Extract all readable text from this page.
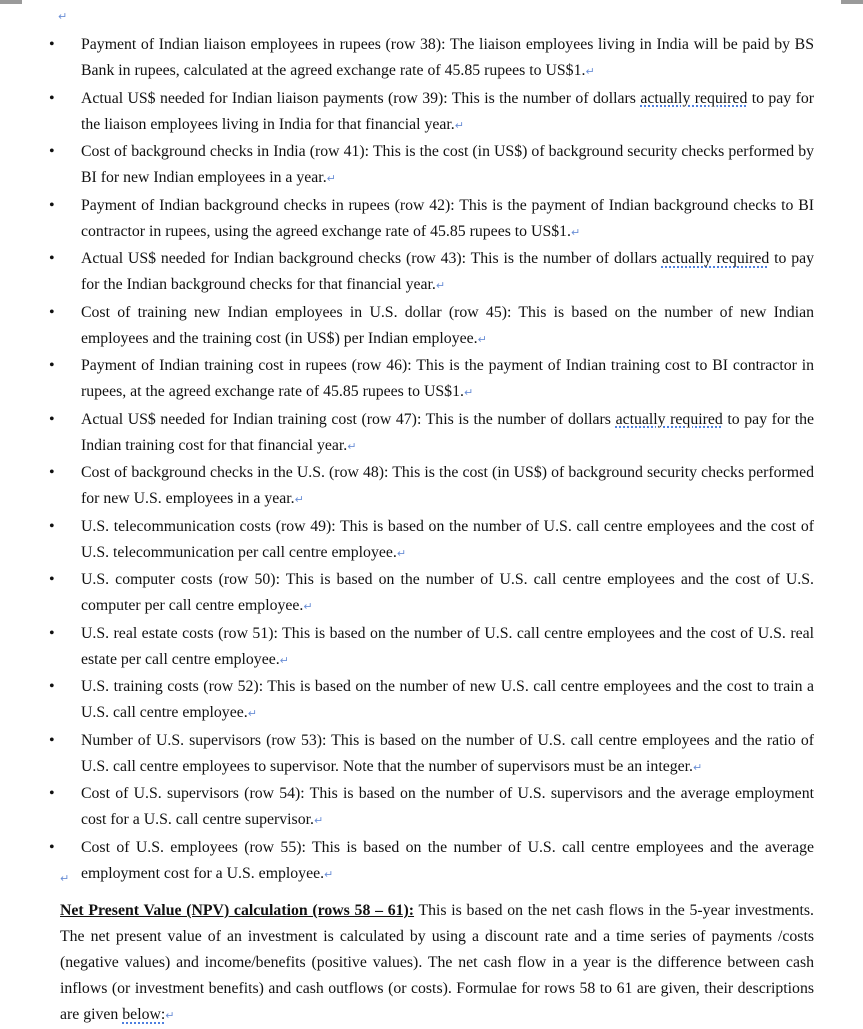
↵
• Payment of Indian liaison employees in rupees (row 38): The liaison employees living in India will be paid by BS Bank in rupees, calculated at the agreed exchange rate of 45.85 rupees to US$1.↵
• Actual US$ needed for Indian liaison payments (row 39): This is the number of dollars actually required to pay for the liaison employees living in India for that financial year.↵
• Cost of background checks in India (row 41): This is the cost (in US$) of background security checks performed by BI for new Indian employees in a year.↵
• Payment of Indian background checks in rupees (row 42): This is the payment of Indian background checks to BI contractor in rupees, using the agreed exchange rate of 45.85 rupees to US$1.↵
• Actual US$ needed for Indian background checks (row 43): This is the number of dollars actually required to pay for the Indian background checks for that financial year.↵
• Cost of training new Indian employees in U.S. dollar (row 45): This is based on the number of new Indian employees and the training cost (in US$) per Indian employee.↵
• Payment of Indian training cost in rupees (row 46): This is the payment of Indian training cost to BI contractor in rupees, at the agreed exchange rate of 45.85 rupees to US$1.↵
• Actual US$ needed for Indian training cost (row 47): This is the number of dollars actually required to pay for the Indian training cost for that financial year.↵
• Cost of background checks in the U.S. (row 48): This is the cost (in US$) of background security checks performed for new U.S. employees in a year.↵
• U.S. telecommunication costs (row 49): This is based on the number of U.S. call centre employees and the cost of U.S. telecommunication per call centre employee.↵
• U.S. computer costs (row 50): This is based on the number of U.S. call centre employees and the cost of U.S. computer per call centre employee.↵
• U.S. real estate costs (row 51): This is based on the number of U.S. call centre employees and the cost of U.S. real estate per call centre employee.↵
• U.S. training costs (row 52): This is based on the number of new U.S. call centre employees and the cost to train a U.S. call centre employee.↵
• Number of U.S. supervisors (row 53): This is based on the number of U.S. call centre employees and the ratio of U.S. call centre employees to supervisor. Note that the number of supervisors must be an integer.↵
• Cost of U.S. supervisors (row 54): This is based on the number of U.S. supervisors and the average employment cost for a U.S. call centre supervisor.↵
• Cost of U.S. employees (row 55): This is based on the number of U.S. call centre employees and the average employment cost for a U.S. employee.↵
↵

Net Present Value (NPV) calculation (rows 58 – 61): This is based on the net cash flows in the 5-year investments. The net present value of an investment is calculated by using a discount rate and a time series of payments /costs (negative values) and income/benefits (positive values). The net cash flow in a year is the difference between cash inflows (or investment benefits) and cash outflows (or costs). Formulae for rows 58 to 61 are given, their descriptions are given below:↵
